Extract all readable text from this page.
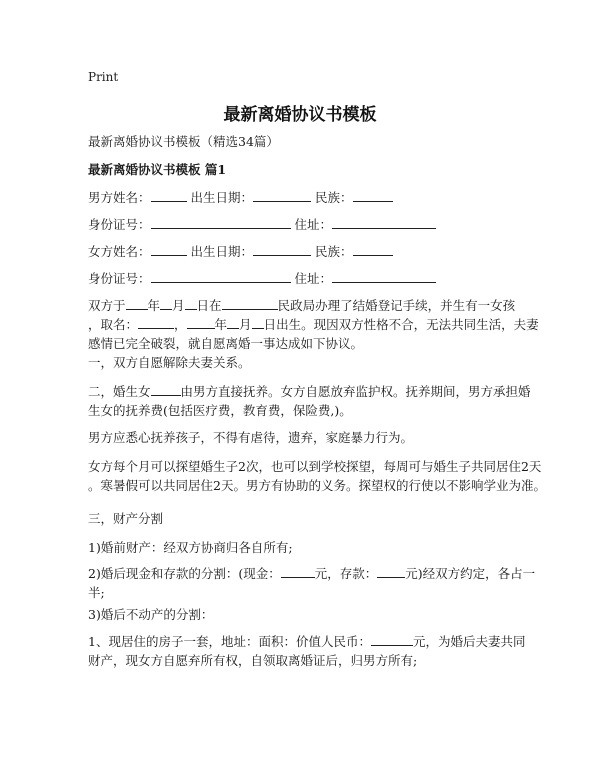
Print
最新离婚协议书模板
最新离婚协议书模板（精选34篇）
最新离婚协议书模板 篇1
男方姓名：	出生日期：	民族：
身份证号：	住址：
女方姓名：	出生日期：	民族：
身份证号：	住址：
双方于 年 月 日在	民政局办理了结婚登记手续，并生有一女孩
，取名：	， 年 月 日出生。现因双方性格不合，无法共同生活，夫妻
感情已完全破裂，就自愿离婚一事达成如下协议。
一，双方自愿解除夫妻关系。
二，婚生女 由男方直接抚养。女方自愿放弃监护权。抚养期间，男方承担婚
生女的抚养费(包括医疗费，教育费，保险费,)。
男方应悉心抚养孩子，不得有虐待，遗弃，家庭暴力行为。
女方每个月可以探望婚生子2次，也可以到学校探望，每周可与婚生子共同居住2天
。寒暑假可以共同居住2天。男方有协助的义务。探望权的行使以不影响学业为准。
三，财产分割
1)婚前财产：经双方协商归各自所有;
2)婚后现金和存款的分割：(现金：	元，存款： 元)经双方约定，各占一
半;
3)婚后不动产的分割：
1、现居住的房子一套，地址：面积：价值人民币：	元，为婚后夫妻共同
财产，现女方自愿弃所有权，自领取离婚证后，归男方所有;
